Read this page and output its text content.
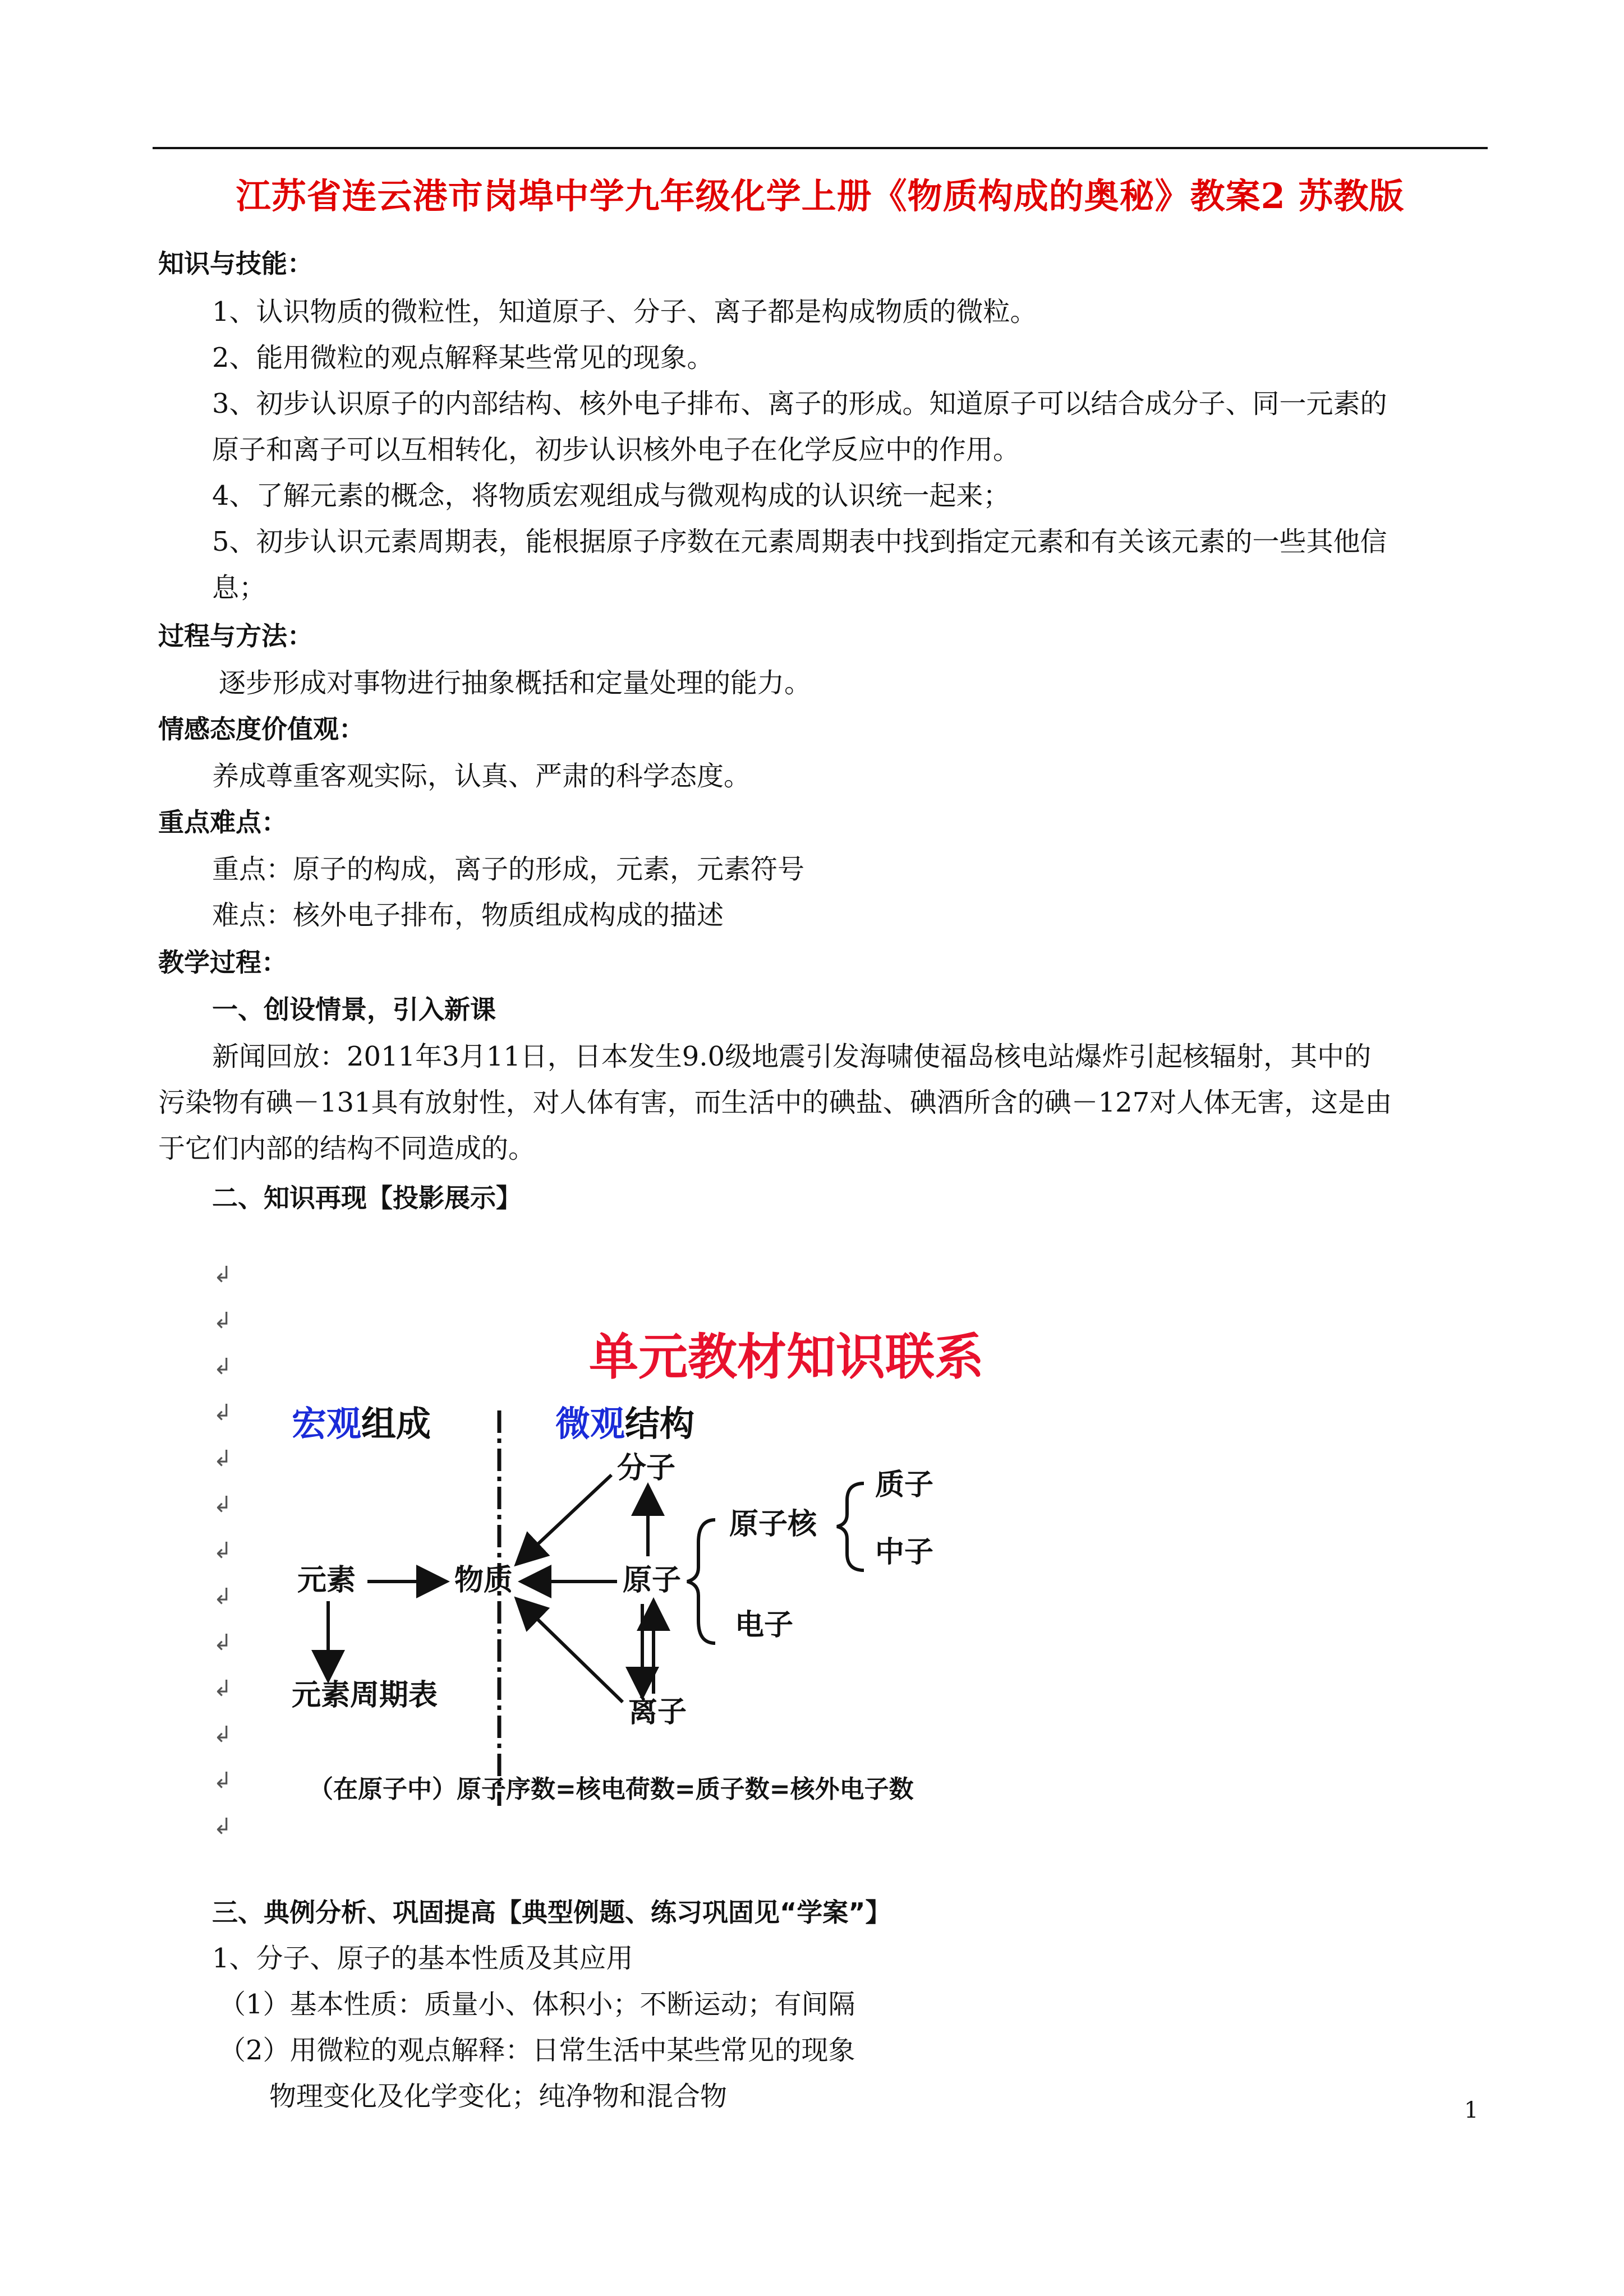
江苏省连云港市岗埠中学九年级化学上册《物质构成的奥秘》教案2 苏教版
知识与技能：
1、认识物质的微粒性，知道原子、分子、离子都是构成物质的微粒。
2、能用微粒的观点解释某些常见的现象。
3、初步认识原子的内部结构、核外电子排布、离子的形成。知道原子可以结合成分子、同一元素的
原子和离子可以互相转化，初步认识核外电子在化学反应中的作用。
4、了解元素的概念，将物质宏观组成与微观构成的认识统一起来；
5、初步认识元素周期表，能根据原子序数在元素周期表中找到指定元素和有关该元素的一些其他信
息；
过程与方法：
逐步形成对事物进行抽象概括和定量处理的能力。
情感态度价值观：
养成尊重客观实际，认真、严肃的科学态度。
重点难点：
重点：原子的构成，离子的形成，元素，元素符号
难点：核外电子排布，物质组成构成的描述
教学过程：
一、创设情景，引入新课
新闻回放：2011年3月11日，日本发生9.0级地震引发海啸使福岛核电站爆炸引起核辐射，其中的
污染物有碘－131具有放射性，对人体有害，而生活中的碘盐、碘酒所含的碘－127对人体无害，这是由
于它们内部的结构不同造成的。
二、知识再现【投影展示】
↲
↲
↲
↲
↲
↲
↲
↲
↲
↲
↲
↲
↲
单元教材知识联系
宏观组成	微观结构
元素	物质
元素周期表
分子
原子
离子
原子核
电子
质子
中子
（在原子中）原子序数=核电荷数=质子数=核外电子数
三、典例分析、巩固提高【典型例题、练习巩固见“学案”】
1、分子、原子的基本性质及其应用
（1）基本性质：质量小、体积小；不断运动；有间隔
（2）用微粒的观点解释：日常生活中某些常见的现象
物理变化及化学变化；纯净物和混合物	1
